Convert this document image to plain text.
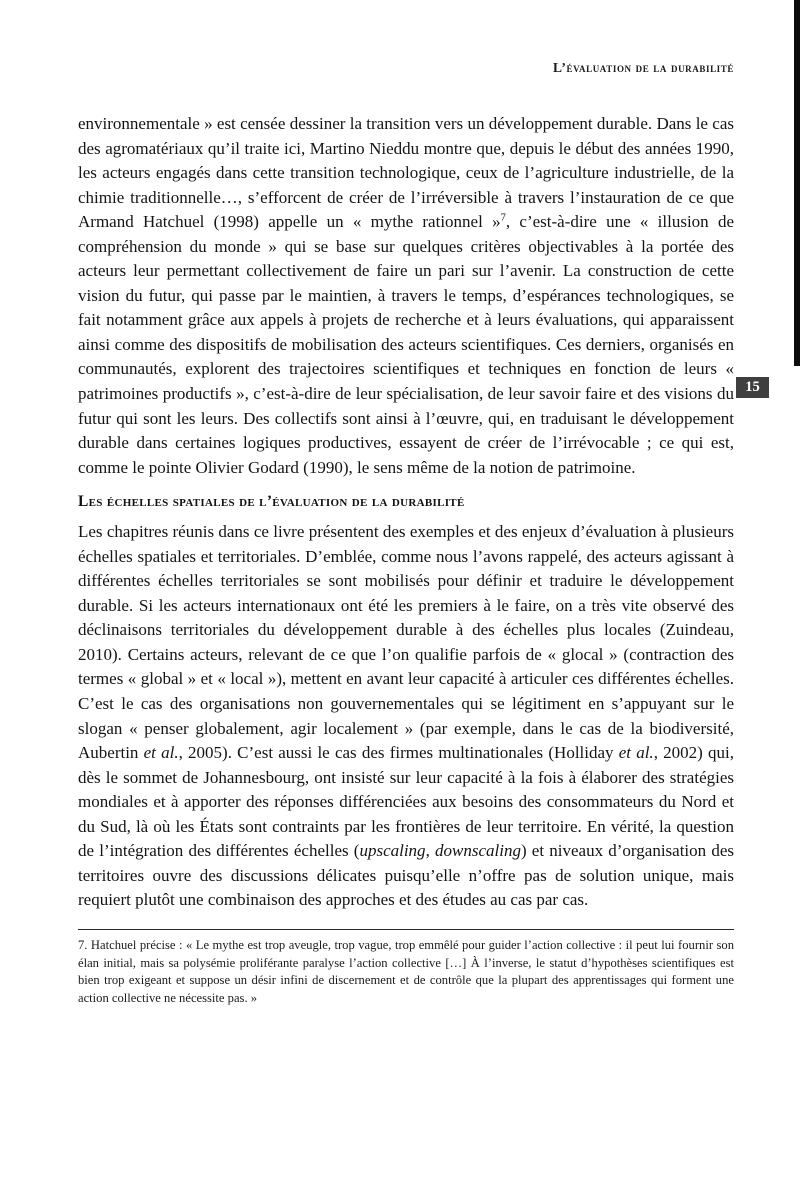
L’évaluation de la durabilité
15

environnementale » est censée dessiner la transition vers un développement durable. Dans le cas des agromatériaux qu’il traite ici, Martino Nieddu montre que, depuis le début des années 1990, les acteurs engagés dans cette transition technologique, ceux de l’agriculture industrielle, de la chimie traditionnelle…, s’efforcent de créer de l’irréversible à travers l’instauration de ce que Armand Hatchuel (1998) appelle un « mythe rationnel »$^7$, c’est-à-dire une « illusion de compréhension du monde » qui se base sur quelques critères objectivables à la portée des acteurs leur permettant collectivement de faire un pari sur l’avenir. La construction de cette vision du futur, qui passe par le maintien, à travers le temps, d’espérances technologiques, se fait notamment grâce aux appels à projets de recherche et à leurs évaluations, qui apparaissent ainsi comme des dispositifs de mobilisation des acteurs scientifiques. Ces derniers, organisés en communautés, explorent des trajectoires scientifiques et techniques en fonction de leurs « patrimoines productifs », c’est-à-dire de leur spécialisation, de leur savoir faire et des visions du futur qui sont les leurs. Des collectifs sont ainsi à l’œuvre, qui, en traduisant le développement durable dans certaines logiques productives, essayent de créer de l’irrévocable ; ce qui est, comme le pointe Olivier Godard (1990), le sens même de la notion de patrimoine.

Les échelles spatiales de l’évaluation de la durabilité

Les chapitres réunis dans ce livre présentent des exemples et des enjeux d’évaluation à plusieurs échelles spatiales et territoriales. D’emblée, comme nous l’avons rappelé, des acteurs agissant à différentes échelles territoriales se sont mobilisés pour définir et traduire le développement durable. Si les acteurs internationaux ont été les premiers à le faire, on a très vite observé des déclinaisons territoriales du développement durable à des échelles plus locales (Zuindeau, 2010). Certains acteurs, relevant de ce que l’on qualifie parfois de « glocal » (contraction des termes « global » et « local »), mettent en avant leur capacité à articuler ces différentes échelles. C’est le cas des organisations non gouvernementales qui se légitiment en s’appuyant sur le slogan « penser globalement, agir localement » (par exemple, dans le cas de la biodiversité, Aubertin et al., 2005). C’est aussi le cas des firmes multinationales (Holliday et al., 2002) qui, dès le sommet de Johannesbourg, ont insisté sur leur capacité à la fois à élaborer des stratégies mondiales et à apporter des réponses différenciées aux besoins des consommateurs du Nord et du Sud, là où les États sont contraints par les frontières de leur territoire. En vérité, la question de l’intégration des différentes échelles (upscaling, downscaling) et niveaux d’organisation des territoires ouvre des discussions délicates puisqu’elle n’offre pas de solution unique, mais requiert plutôt une combinaison des approches et des études au cas par cas.

7. Hatchuel précise : « Le mythe est trop aveugle, trop vague, trop emmêlé pour guider l’action collective : il peut lui fournir son élan initial, mais sa polysémie proliférante paralyse l’action collective […] À l’inverse, le statut d’hypothèses scientifiques est bien trop exigeant et suppose un désir infini de discernement et de contrôle que la plupart des apprentissages qui forment une action collective ne nécessite pas. »
